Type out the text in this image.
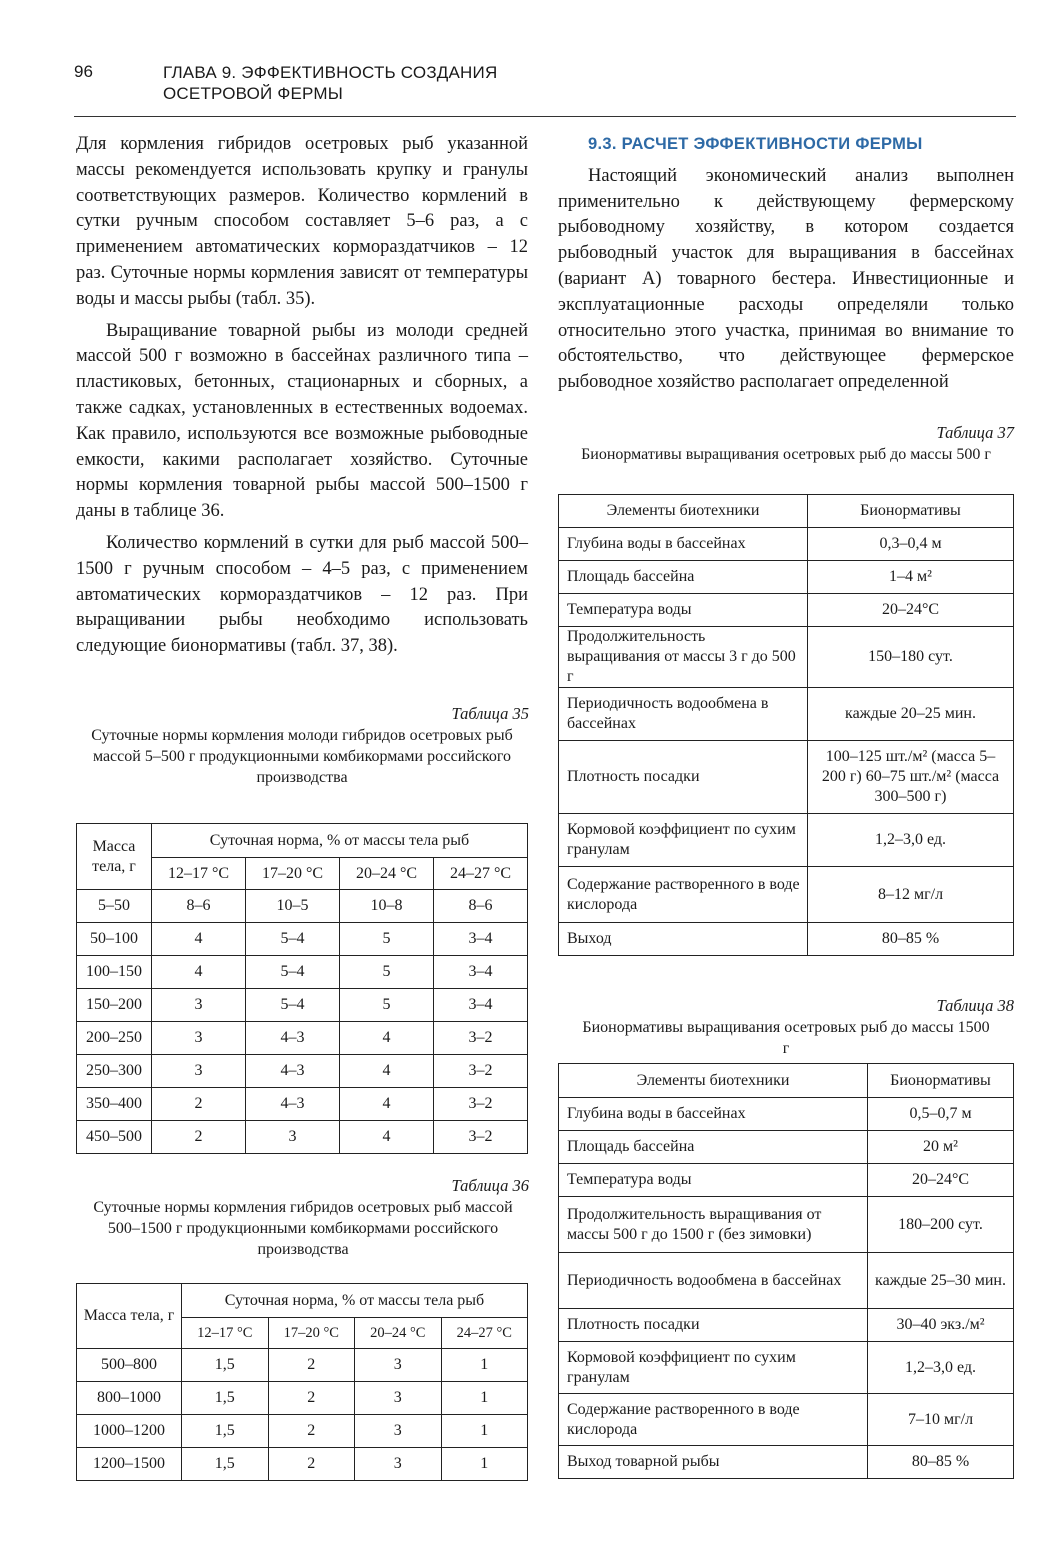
96	ГЛАВА 9. ЭФФЕКТИВНОСТЬ СОЗДАНИЯ
ОСЕТРОВОЙ ФЕРМЫ

Для кормления гибридов осетровых рыб указанной массы рекомендуется использовать крупку и гранулы соответствующих размеров. Количество кормлений в сутки ручным способом составляет 5–6 раз, а с применением автоматических кормораздатчиков – 12 раз. Суточные нормы кормления зависят от температуры воды и массы рыбы (табл. 35).

Выращивание товарной рыбы из молоди средней массой 500 г возможно в бассейнах различного типа – пластиковых, бетонных, стационарных и сборных, а также садках, установленных в естественных водоемах. Как правило, используются все возможные рыбоводные емкости, какими располагает хозяйство. Суточные нормы кормления товарной рыбы массой 500–1500 г даны в таблице 36.

Количество кормлений в сутки для рыб массой 500–1500 г ручным способом – 4–5 раз, с применением автоматических кормораздатчиков – 12 раз. При выращивании рыбы необходимо использовать следующие бионормативы (табл. 37, 38).

9.3. РАСЧЕТ ЭФФЕКТИВНОСТИ ФЕРМЫ

Настоящий экономический анализ выполнен применительно к действующему фермерскому рыбоводному хозяйству, в котором создается рыбоводный участок для выращивания в бассейнах (вариант А) товарного бестера. Инвестиционные и эксплуатационные расходы определяли только относительно этого участка, принимая во внимание то обстоятельство, что действующее фермерское рыбоводное хозяйство располагает определенной

Таблица 35
Суточные нормы кормления молоди гибридов осетровых рыб массой 5–500 г продукционными комбикормами российского производства
Масса тела, г	Суточная норма, % от массы тела рыб			
	12–17 °С	17–20 °С	20–24 °С	24–27 °С
5–50	8–6	10–5	10–8	8–6
50–100	4	5–4	5	3–4
100–150	4	5–4	5	3–4
150–200	3	5–4	5	3–4
200–250	3	4–3	4	3–2
250–300	3	4–3	4	3–2
350–400	2	4–3	4	3–2
450–500	2	3	4	3–2
Таблица 36
Суточные нормы кормления гибридов осетровых рыб массой 500–1500 г продукционными комбикормами российского производства
Масса тела, г	Суточная норма, % от массы тела рыб			
	12–17 °С	17–20 °С	20–24 °С	24–27 °С
500–800	1,5	2	3	1
800–1000	1,5	2	3	1
1000–1200	1,5	2	3	1
1200–1500	1,5	2	3	1
Таблица 37
Бионормативы выращивания осетровых рыб до массы 500 г
Элементы биотехники	Бионормативы
Глубина воды в бассейнах	0,3–0,4 м
Площадь бассейна	1–4 м²
Температура воды	20–24°С
Продолжительность выращивания от массы 3 г до 500 г	150–180 сут.
Периодичность водообмена в бассейнах	каждые 20–25 мин.
Плотность посадки	100–125 шт./м² (масса 5–200 г) 60–75 шт./м² (масса 300–500 г)
Кормовой коэффициент по сухим гранулам	1,2–3,0 ед.
Содержание растворенного в воде кислорода	8–12 мг/л
Выход	80–85 %
Таблица 38
Бионормативы выращивания осетровых рыб до массы 1500 г
Элементы биотехники	Бионормативы
Глубина воды в бассейнах	0,5–0,7 м
Площадь бассейна	20 м²
Температура воды	20–24°С
Продолжительность выращивания от массы 500 г до 1500 г (без зимовки)	180–200 сут.
Периодичность водообмена в бассейнах	каждые 25–30 мин.
Плотность посадки	30–40 экз./м²
Кормовой коэффициент по сухим гранулам	1,2–3,0 ед.
Содержание растворенного в воде кислорода	7–10 мг/л
Выход товарной рыбы	80–85 %
